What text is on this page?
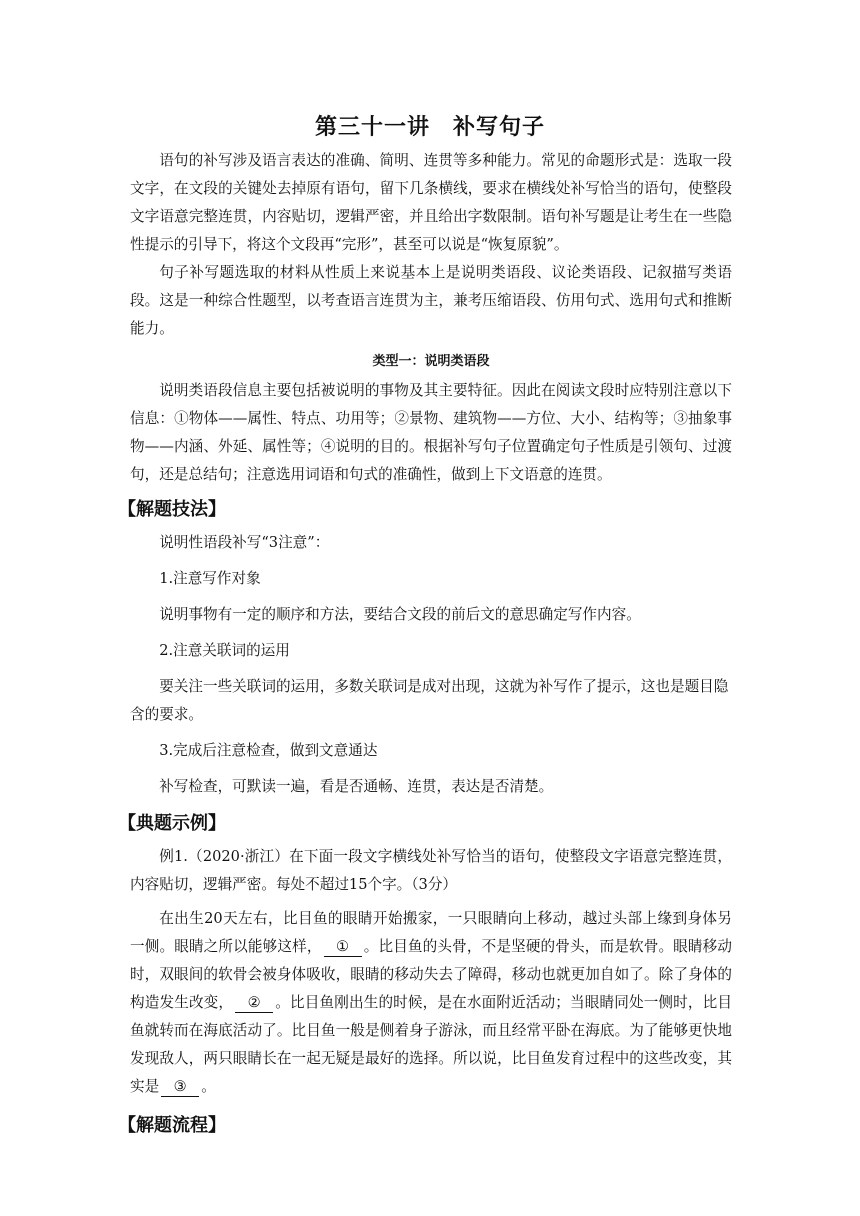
第三十一讲　补写句子

语句的补写涉及语言表达的准确、简明、连贯等多种能力。常见的命题形式是：选取一段文字，在文段的关键处去掉原有语句，留下几条横线，要求在横线处补写恰当的语句，使整段文字语意完整连贯，内容贴切，逻辑严密，并且给出字数限制。语句补写题是让考生在一些隐性提示的引导下，将这个文段再“完形”，甚至可以说是“恢复原貌”。

句子补写题选取的材料从性质上来说基本上是说明类语段、议论类语段、记叙描写类语段。这是一种综合性题型，以考查语言连贯为主，兼考压缩语段、仿用句式、选用句式和推断能力。

类型一：说明类语段

说明类语段信息主要包括被说明的事物及其主要特征。因此在阅读文段时应特别注意以下信息：①物体——属性、特点、功用等；②景物、建筑物——方位、大小、结构等；③抽象事物——内涵、外延、属性等；④说明的目的。根据补写句子位置确定句子性质是引领句、过渡句，还是总结句；注意选用词语和句式的准确性，做到上下文语意的连贯。

【解题技法】

说明性语段补写“3注意”：

1.注意写作对象

说明事物有一定的顺序和方法，要结合文段的前后文的意思确定写作内容。

2.注意关联词的运用

要关注一些关联词的运用，多数关联词是成对出现，这就为补写作了提示，这也是题目隐含的要求。

3.完成后注意检查，做到文意通达

补写检查，可默读一遍，看是否通畅、连贯，表达是否清楚。

【典题示例】

例1.（2020·浙江）在下面一段文字横线处补写恰当的语句，使整段文字语意完整连贯，内容贴切，逻辑严密。每处不超过15个字。（3分）

在出生20天左右，比目鱼的眼睛开始搬家，一只眼睛向上移动，越过头部上缘到身体另一侧。眼睛之所以能够这样， ① 。比目鱼的头骨，不是坚硬的骨头，而是软骨。眼睛移动时，双眼间的软骨会被身体吸收，眼睛的移动失去了障碍，移动也就更加自如了。除了身体的构造发生改变， ② 。比目鱼刚出生的时候，是在水面附近活动；当眼睛同处一侧时，比目鱼就转而在海底活动了。比目鱼一般是侧着身子游泳，而且经常平卧在海底。为了能够更快地发现敌人，两只眼睛长在一起无疑是最好的选择。所以说，比目鱼发育过程中的这些改变，其实是 ③ 。

【解题流程】
